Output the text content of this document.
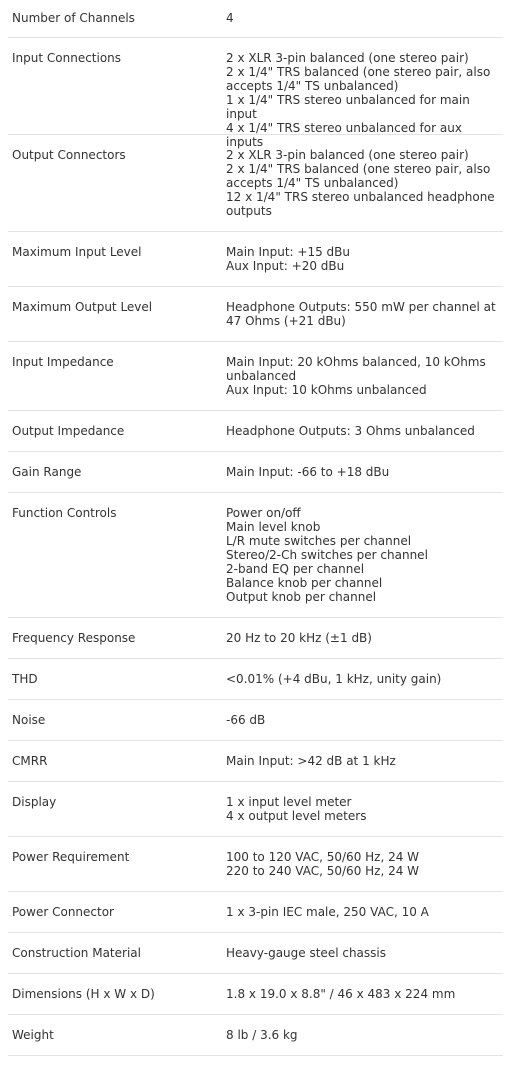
Number of Channels	4
Input Connections	2 x XLR 3-pin balanced (one stereo pair)
2 x 1/4" TRS balanced (one stereo pair, also accepts 1/4" TS unbalanced)
1 x 1/4" TRS stereo unbalanced for main input
4 x 1/4" TRS stereo unbalanced for aux inputs
Output Connectors	2 x XLR 3-pin balanced (one stereo pair)
2 x 1/4" TRS balanced (one stereo pair, also accepts 1/4" TS unbalanced)
12 x 1/4" TRS stereo unbalanced headphone outputs
Maximum Input Level	Main Input: +15 dBu
Aux Input: +20 dBu
Maximum Output Level	Headphone Outputs: 550 mW per channel at 47 Ohms (+21 dBu)
Input Impedance	Main Input: 20 kOhms balanced, 10 kOhms unbalanced
Aux Input: 10 kOhms unbalanced
Output Impedance	Headphone Outputs: 3 Ohms unbalanced
Gain Range	Main Input: -66 to +18 dBu
Function Controls	Power on/off
Main level knob
L/R mute switches per channel
Stereo/2-Ch switches per channel
2-band EQ per channel
Balance knob per channel
Output knob per channel
Frequency Response	20 Hz to 20 kHz (±1 dB)
THD	<0.01% (+4 dBu, 1 kHz, unity gain)
Noise	-66 dB
CMRR	Main Input: >42 dB at 1 kHz
Display	1 x input level meter
4 x output level meters
Power Requirement	100 to 120 VAC, 50/60 Hz, 24 W
220 to 240 VAC, 50/60 Hz, 24 W
Power Connector	1 x 3-pin IEC male, 250 VAC, 10 A
Construction Material	Heavy-gauge steel chassis
Dimensions (H x W x D)	1.8 x 19.0 x 8.8" / 46 x 483 x 224 mm
Weight	8 lb / 3.6 kg
